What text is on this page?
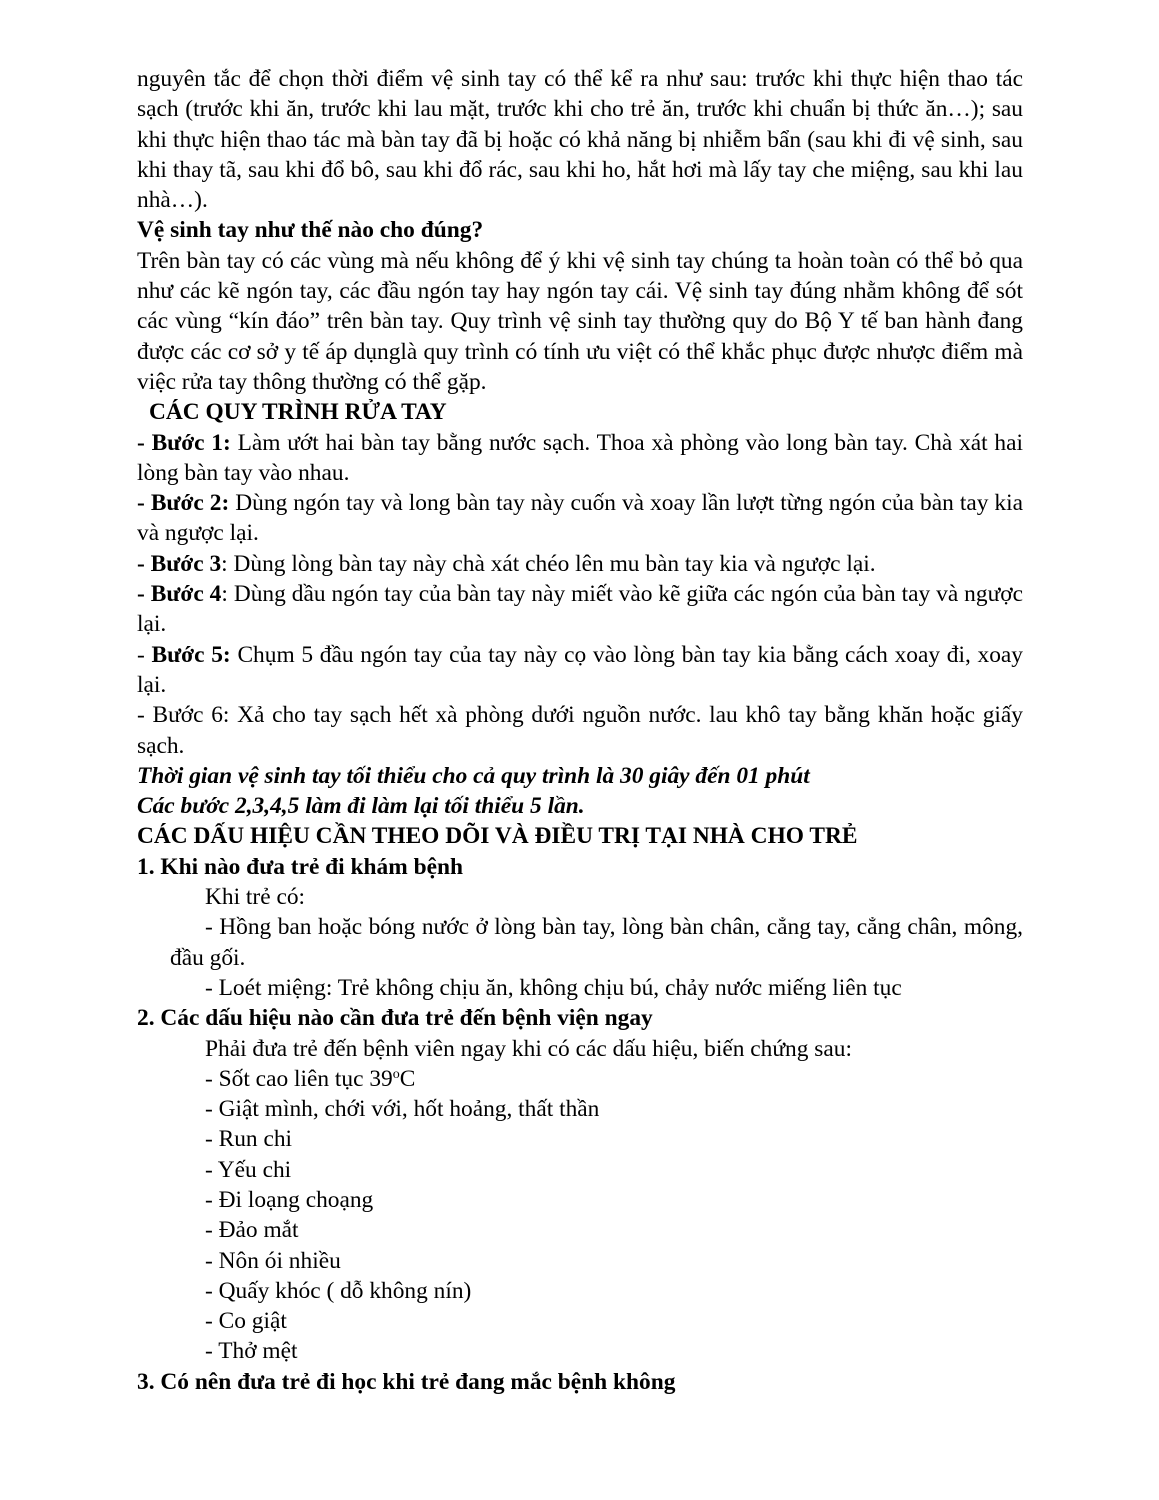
nguyên tắc để chọn thời điểm vệ sinh tay có thể kể ra như sau: trước khi thực hiện thao tác sạch (trước khi ăn, trước khi lau mặt, trước khi cho trẻ ăn, trước khi chuẩn bị thức ăn…); sau khi thực hiện thao tác mà bàn tay đã bị hoặc có khả năng bị nhiễm bẩn (sau khi đi vệ sinh, sau khi thay tã, sau khi đổ bô, sau khi đổ rác, sau khi ho, hắt hơi mà lấy tay che miệng, sau khi lau nhà…).

Vệ sinh tay như thế nào cho đúng?

Trên bàn tay có các vùng mà nếu không để ý khi vệ sinh tay chúng ta hoàn toàn có thể bỏ qua như các kẽ ngón tay, các đầu ngón tay hay ngón tay cái. Vệ sinh tay đúng nhằm không để sót các vùng “kín đáo” trên bàn tay. Quy trình vệ sinh tay thường quy do Bộ Y tế ban hành đang được các cơ sở y tế áp dụnglà quy trình có tính ưu việt có thể khắc phục được nhược điểm mà việc rửa tay thông thường có thể gặp.

CÁC QUY TRÌNH RỬA TAY

- Bước 1: Làm ướt hai bàn tay bằng nước sạch. Thoa xà phòng vào long bàn tay. Chà xát hai lòng bàn tay vào nhau.

- Bước 2: Dùng ngón tay và long bàn tay này cuốn và xoay lần lượt từng ngón của bàn tay kia và ngược lại.

- Bước 3: Dùng lòng bàn tay này chà xát chéo lên mu bàn tay kia và ngược lại.

- Bước 4: Dùng dầu ngón tay của bàn tay này miết vào kẽ giữa các ngón của bàn tay và ngược lại.

- Bước 5: Chụm 5 đầu ngón tay của tay này cọ vào lòng bàn tay kia bằng cách xoay đi, xoay lại.

- Bước 6: Xả cho tay sạch hết xà phòng dưới nguồn nước. lau khô tay bằng khăn hoặc giấy sạch.

Thời gian vệ sinh tay tối thiểu cho cả quy trình là 30 giây đến 01 phút

Các bước 2,3,4,5 làm đi làm lại tối thiểu 5 lần.

CÁC DẤU HIỆU CẦN THEO DÕI VÀ ĐIỀU TRỊ TẠI NHÀ CHO TRẺ

1. Khi nào đưa trẻ đi khám bệnh

Khi trẻ có:

- Hồng ban hoặc bóng nước ở lòng bàn tay, lòng bàn chân, cẳng tay, cẳng chân, mông, đầu gối.

- Loét miệng: Trẻ không chịu ăn, không chịu bú, chảy nước miếng liên tục

2. Các dấu hiệu nào cần đưa trẻ đến bệnh viện ngay

Phải đưa trẻ đến bệnh viên ngay khi có các dấu hiệu, biến chứng sau:

- Sốt cao liên tục 39$^o$C

- Giật mình, chới với, hốt hoảng, thất thần

- Run chi

- Yếu chi

- Đi loạng choạng

- Đảo mắt

- Nôn ói nhiều

- Quấy khóc ( dỗ không nín)

- Co giật

- Thở mệt

3. Có nên đưa trẻ đi học khi trẻ đang mắc bệnh không
